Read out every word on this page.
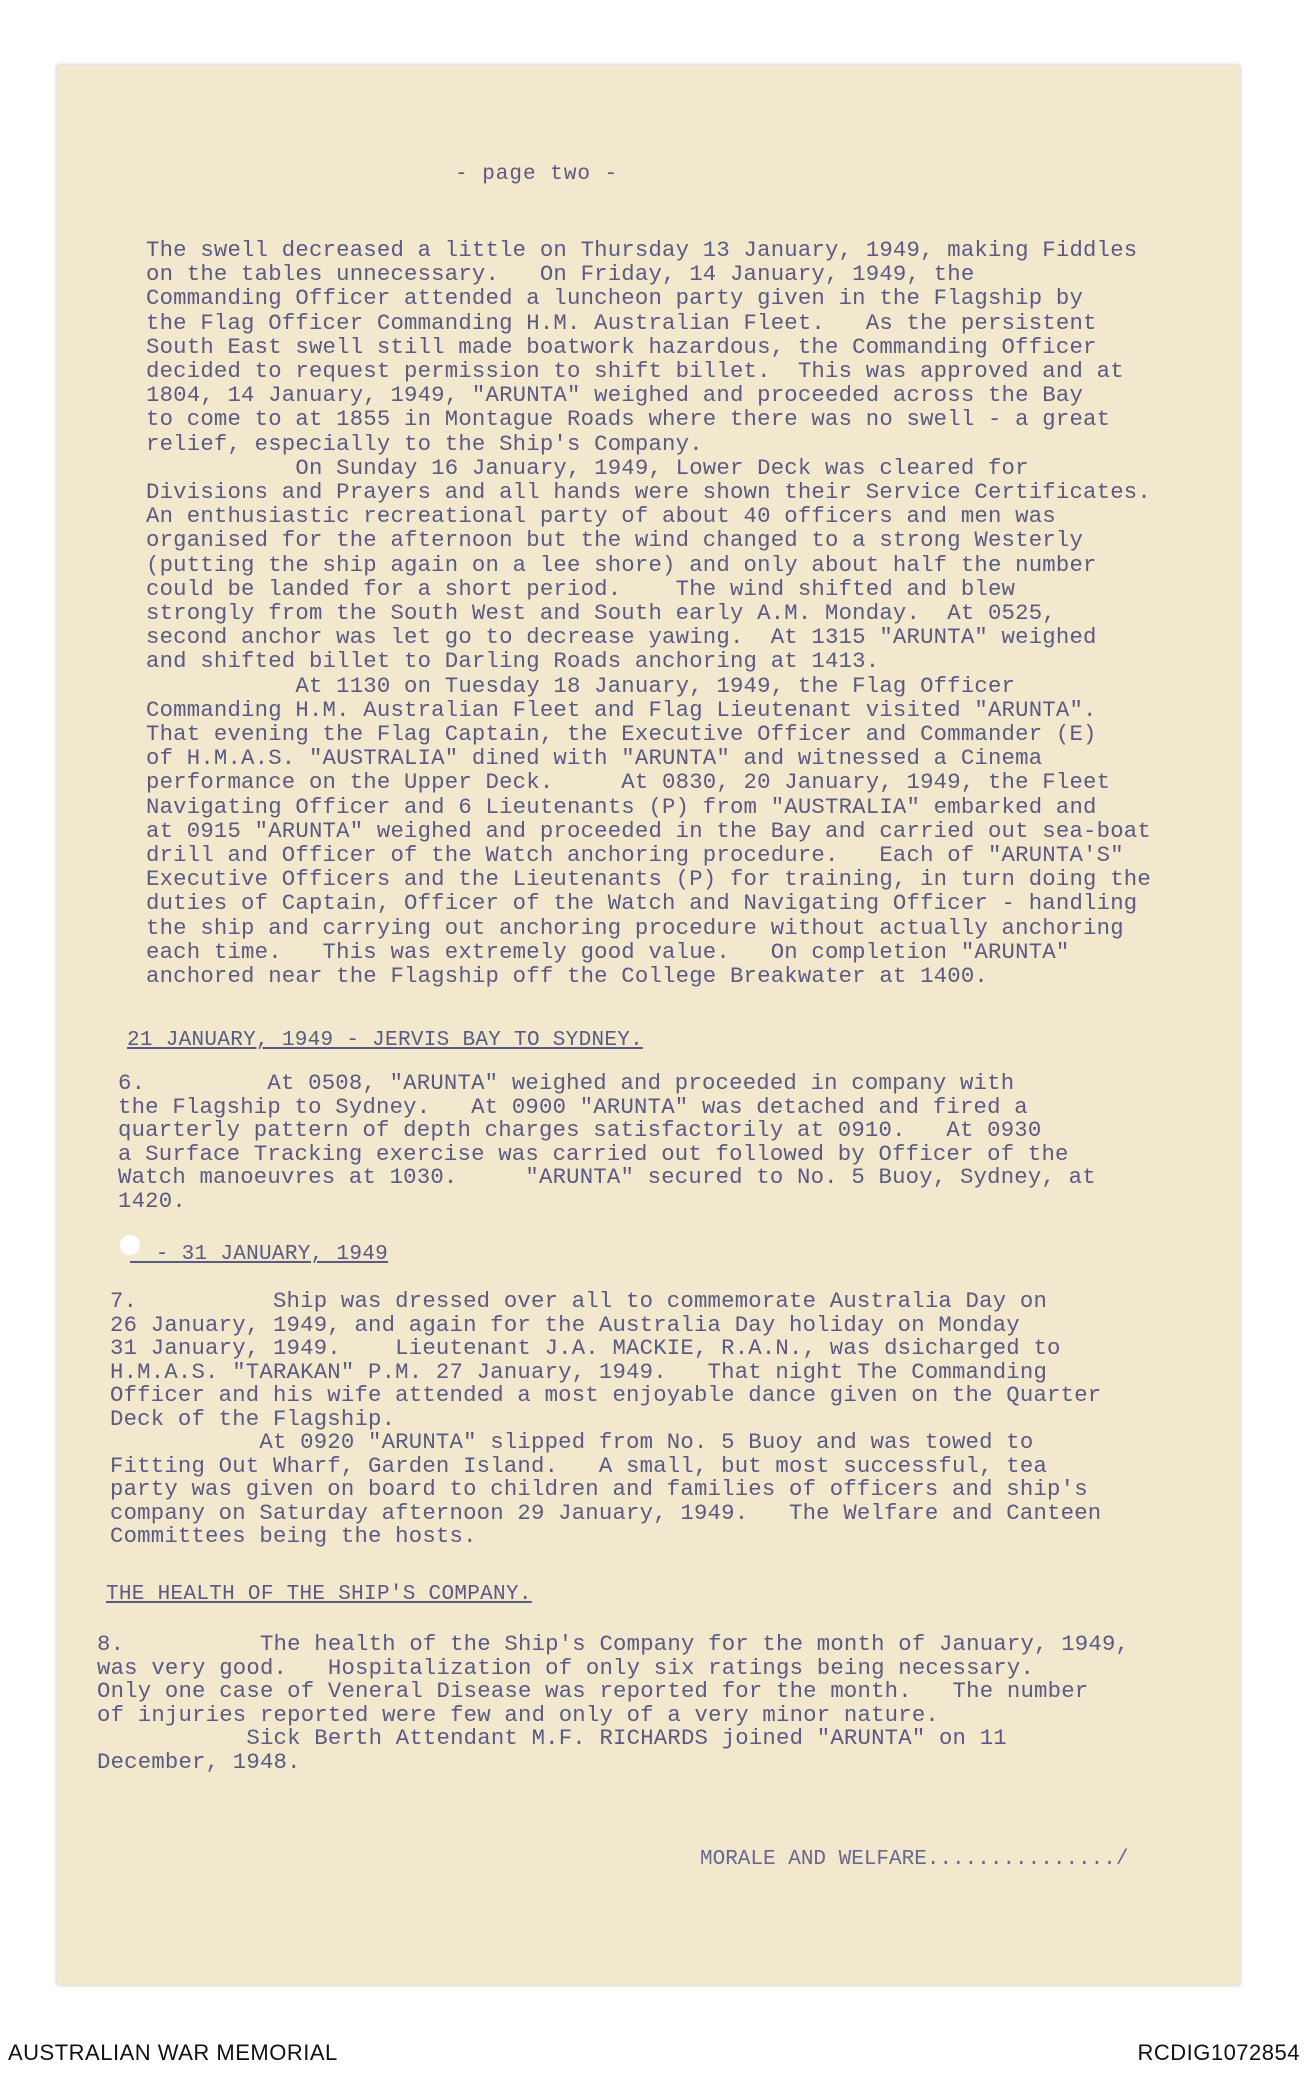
- page two -
The swell decreased a little on Thursday 13 January, 1949, making Fiddles
on the tables unnecessary.   On Friday, 14 January, 1949, the
Commanding Officer attended a luncheon party given in the Flagship by
the Flag Officer Commanding H.M. Australian Fleet.   As the persistent
South East swell still made boatwork hazardous, the Commanding Officer
decided to request permission to shift billet.  This was approved and at
1804, 14 January, 1949, "ARUNTA" weighed and proceeded across the Bay
to come to at 1855 in Montague Roads where there was no swell - a great
relief, especially to the Ship's Company.
On Sunday 16 January, 1949, Lower Deck was cleared for
Divisions and Prayers and all hands were shown their Service Certificates.
An enthusiastic recreational party of about 40 officers and men was
organised for the afternoon but the wind changed to a strong Westerly
(putting the ship again on a lee shore) and only about half the number
could be landed for a short period.    The wind shifted and blew
strongly from the South West and South early A.M. Monday.  At 0525,
second anchor was let go to decrease yawing.  At 1315 "ARUNTA" weighed
and shifted billet to Darling Roads anchoring at 1413.
At 1130 on Tuesday 18 January, 1949, the Flag Officer
Commanding H.M. Australian Fleet and Flag Lieutenant visited "ARUNTA".
That evening the Flag Captain, the Executive Officer and Commander (E)
of H.M.A.S. "AUSTRALIA" dined with "ARUNTA" and witnessed a Cinema
performance on the Upper Deck.     At 0830, 20 January, 1949, the Fleet
Navigating Officer and 6 Lieutenants (P) from "AUSTRALIA" embarked and
at 0915 "ARUNTA" weighed and proceeded in the Bay and carried out sea-boat
drill and Officer of the Watch anchoring procedure.   Each of "ARUNTA'S"
Executive Officers and the Lieutenants (P) for training, in turn doing the
duties of Captain, Officer of the Watch and Navigating Officer - handling
the ship and carrying out anchoring procedure without actually anchoring
each time.   This was extremely good value.   On completion "ARUNTA"
anchored near the Flagship off the College Breakwater at 1400.
21 JANUARY, 1949 - JERVIS BAY TO SYDNEY.
6.         At 0508, "ARUNTA" weighed and proceeded in company with
the Flagship to Sydney.   At 0900 "ARUNTA" was detached and fired a
quarterly pattern of depth charges satisfactorily at 0910.   At 0930
a Surface Tracking exercise was carried out followed by Officer of the
Watch manoeuvres at 1030.     "ARUNTA" secured to No. 5 Buoy, Sydney, at
1420.
- 31 JANUARY, 1949
7.          Ship was dressed over all to commemorate Australia Day on
26 January, 1949, and again for the Australia Day holiday on Monday
31 January, 1949.    Lieutenant J.A. MACKIE, R.A.N., was dsicharged to
H.M.A.S. "TARAKAN" P.M. 27 January, 1949.   That night The Commanding
Officer and his wife attended a most enjoyable dance given on the Quarter
Deck of the Flagship.
At 0920 "ARUNTA" slipped from No. 5 Buoy and was towed to
Fitting Out Wharf, Garden Island.   A small, but most successful, tea
party was given on board to children and families of officers and ship's
company on Saturday afternoon 29 January, 1949.   The Welfare and Canteen
Committees being the hosts.
THE HEALTH OF THE SHIP'S COMPANY.
8.          The health of the Ship's Company for the month of January, 1949,
was very good.   Hospitalization of only six ratings being necessary.
Only one case of Veneral Disease was reported for the month.   The number
of injuries reported were few and only of a very minor nature.
Sick Berth Attendant M.F. RICHARDS joined "ARUNTA" on 11
December, 1948.
MORALE AND WELFARE.............../
AUSTRALIAN WAR MEMORIAL	RCDIG1072854
